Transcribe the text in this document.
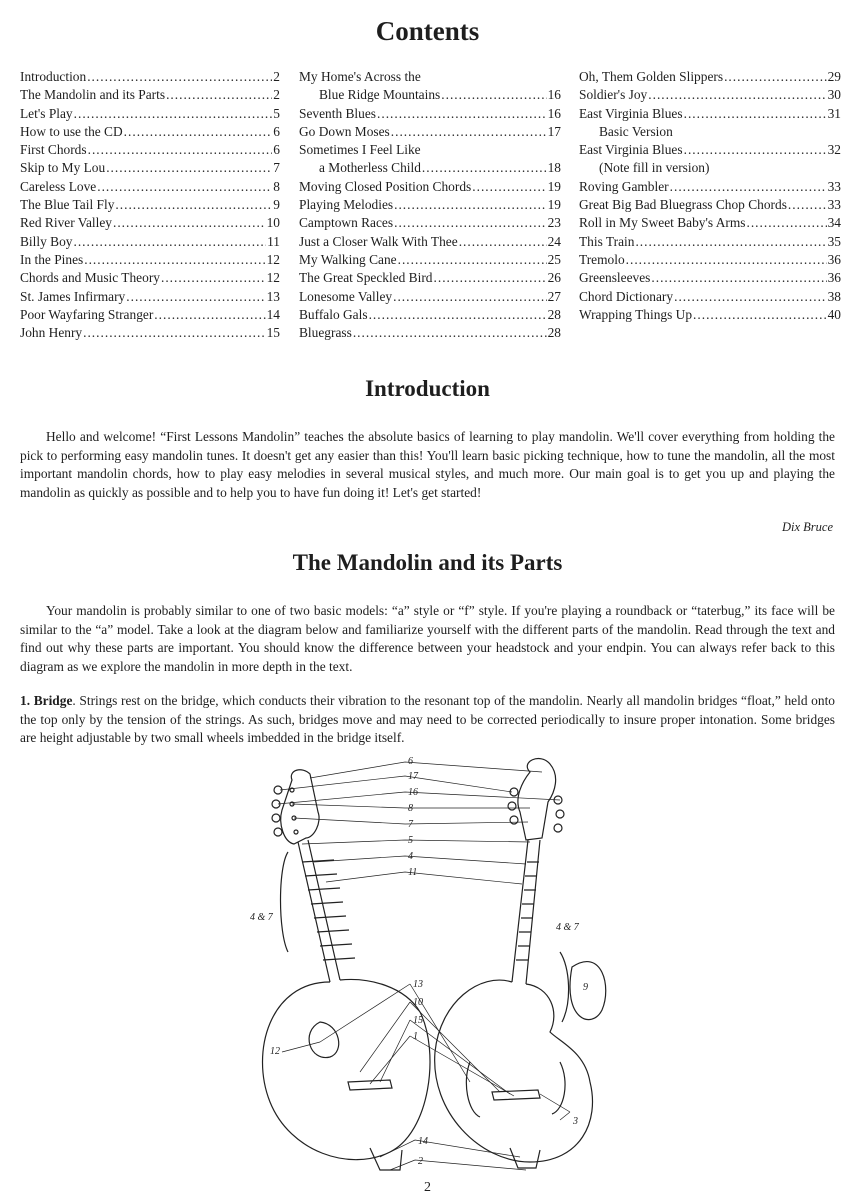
Contents
Introduction .....	2
The Mandolin and its Parts .....	2
Let's Play .....	5
How to use the CD .....	6
First Chords .....	6
Skip to My Lou .....	7
Careless Love .....	8
The Blue Tail Fly .....	9
Red River Valley .....	10
Billy Boy .....	11
In the Pines .....	12
Chords and Music Theory .....	12
St. James Infirmary .....	13
Poor Wayfaring Stranger .....	14
John Henry .....	15
My Home's Across the
Blue Ridge Mountains .....	16
Seventh Blues .....	16
Go Down Moses .....	17
Sometimes I Feel Like
a Motherless Child .....	18
Moving Closed Position Chords .....	19
Playing Melodies .....	19
Camptown Races .....	23
Just a Closer Walk With Thee .....	24
My Walking Cane .....	25
The Great Speckled Bird .....	26
Lonesome Valley .....	27
Buffalo Gals .....	28
Bluegrass .....	28
Oh, Them Golden Slippers .....	29
Soldier's Joy .....	30
East Virginia Blues .....	31
Basic Version
East Virginia Blues .....	32
(Note fill in version)
Roving Gambler .....	33
Great Big Bad Bluegrass Chop Chords .....	33
Roll in My Sweet Baby's Arms .....	34
This Train .....	35
Tremolo .....	36
Greensleeves .....	36
Chord Dictionary .....	38
Wrapping Things Up .....	40
Introduction

Hello and welcome! “First Lessons Mandolin” teaches the absolute basics of learning to play mandolin. We'll cover everything from holding the pick to performing easy mandolin tunes. It doesn't get any easier than this! You'll learn basic picking technique, how to tune the mandolin, all the most important mandolin chords, how to play easy melodies in several musical styles, and much more. Our main goal is to get you up and playing the mandolin as quickly as possible and to help you to have fun doing it! Let's get started!

Dix Bruce

The Mandolin and its Parts

Your mandolin is probably similar to one of two basic models: “a” style or “f” style. If you're playing a roundback or “taterbug,” its face will be similar to the “a” model. Take a look at the diagram below and familiarize yourself with the different parts of the mandolin. Read through the text and find out why these parts are important. You should know the difference between your headstock and your endpin. You can always refer back to this diagram as we explore the mandolin in more depth in the text.

1. Bridge. Strings rest on the bridge, which conducts their vibration to the resonant top of the mandolin. Nearly all mandolin bridges “float,” held onto the top only by the tension of the strings. As such, bridges move and may need to be corrected periodically to insure proper intonation. Some bridges are height adjustable by two small wheels imbedded in the bridge itself.

6
17
16
8
7
5
4
11
13
10
15
1
4 & 7
4 & 7
12
3
14
2
9

2
